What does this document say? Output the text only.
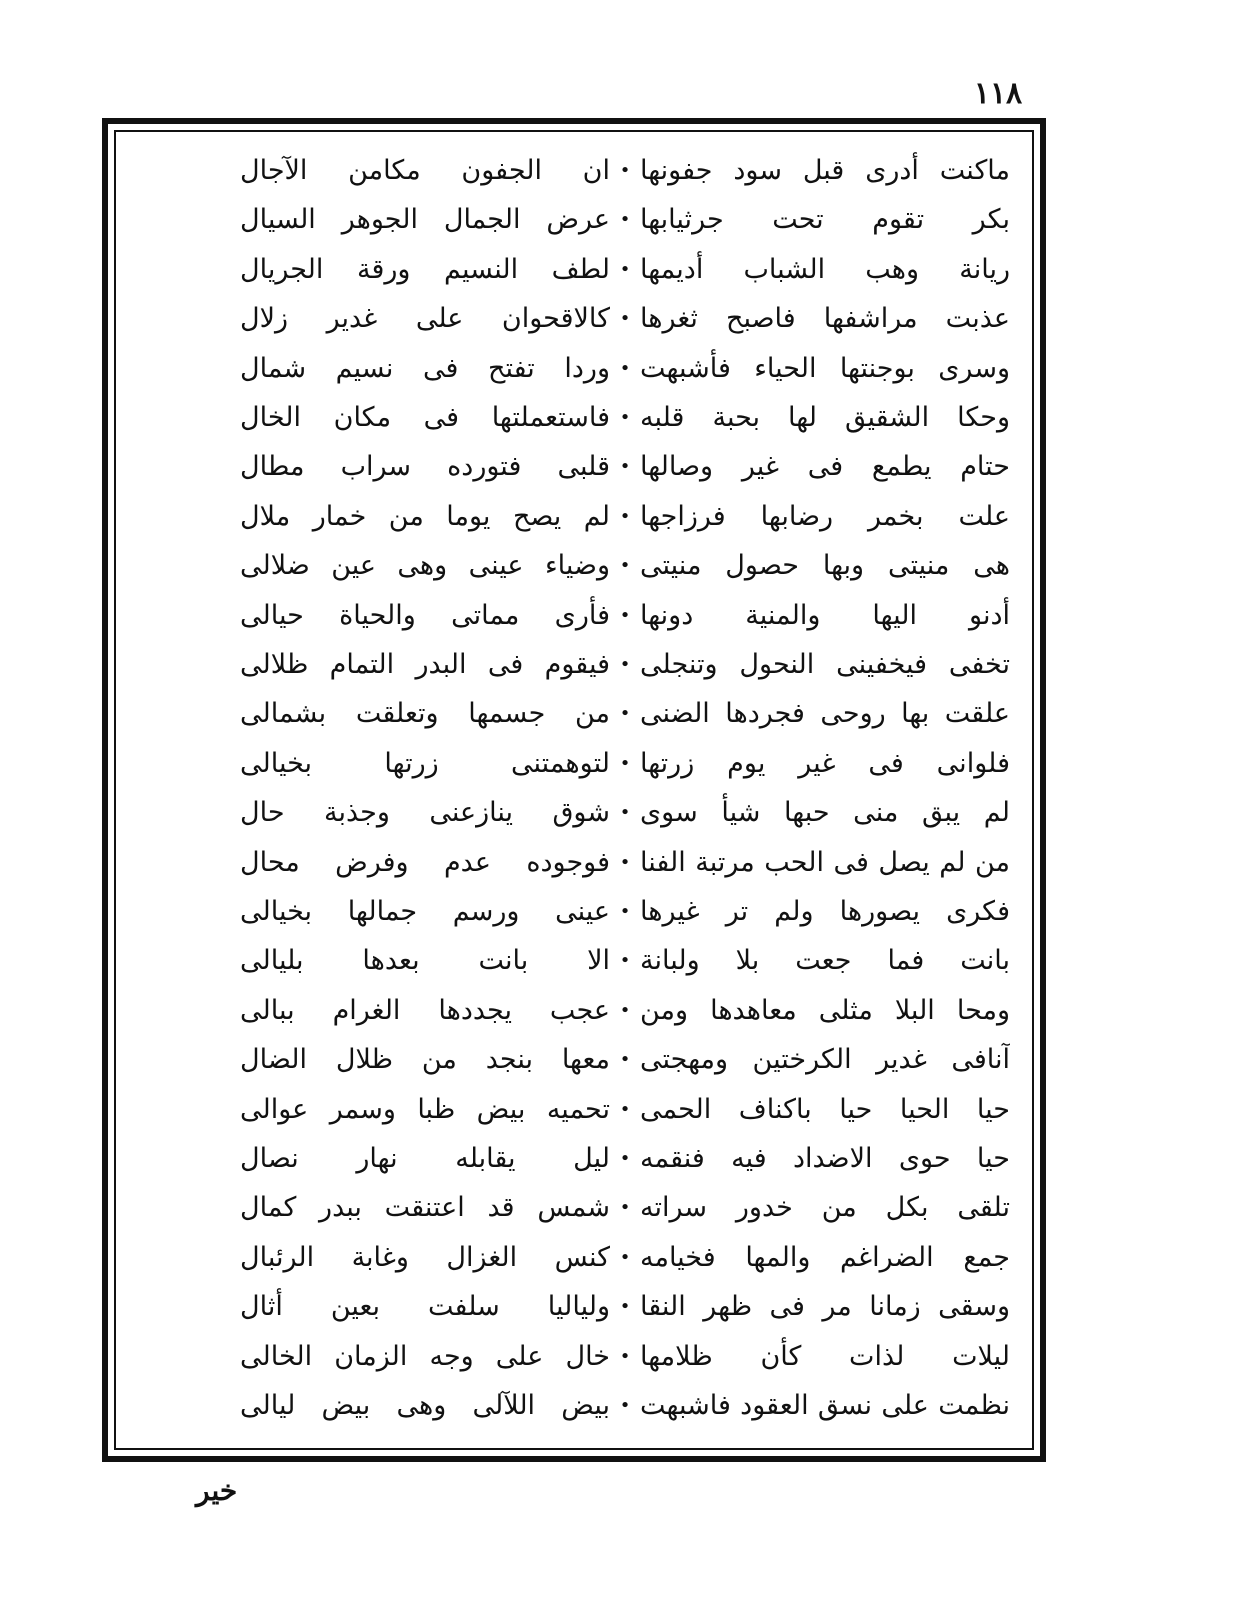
١١٨
ماكنت أدرى قبل سود جفونها
•
ان الجفون مكامن الآجال
بكر تقوم تحت جرثيابها
•
عرض الجمال الجوهر السيال
ريانة وهب الشباب أديمها
•
لطف النسيم ورقة الجريال
عذبت مراشفها فاصبح ثغرها
•
كالاقحوان على غدير زلال
وسرى بوجنتها الحياء فأشبهت
•
وردا تفتح فى نسيم شمال
وحكا الشقيق لها بحبة قلبه
•
فاستعملتها فى مكان الخال
حتام يطمع فى غير وصالها
•
قلبى فتورده سراب مطال
علت بخمر رضابها فرزاجها
•
لم يصح يوما من خمار ملال
هى منيتى وبها حصول منيتى
•
وضياء عينى وهى عين ضلالى
أدنو اليها والمنية دونها
•
فأرى مماتى والحياة حيالى
تخفى فيخفينى النحول وتنجلى
•
فيقوم فى البدر التمام ظلالى
علقت بها روحى فجردها الضنى
•
من جسمها وتعلقت بشمالى
فلوانى فى غير يوم زرتها
•
لتوهمتنى زرتها بخيالى
لم يبق منى حبها شيأ سوى
•
شوق ينازعنى وجذبة حال
من لم يصل فى الحب مرتبة الفنا
•
فوجوده عدم وفرض محال
فكرى يصورها ولم تر غيرها
•
عينى ورسم جمالها بخيالى
بانت فما جعت بلا ولبانة
•
الا بانت بعدها بليالى
ومحا البلا مثلى معاهدها ومن
•
عجب يجددها الغرام ببالى
آنافى غدير الكرختين ومهجتى
•
معها بنجد من ظلال الضال
حيا الحيا حيا باكناف الحمى
•
تحميه بيض ظبا وسمر عوالى
حيا حوى الاضداد فيه فنقمه
•
ليل يقابله نهار نصال
تلقى بكل من خدور سراته
•
شمس قد اعتنقت ببدر كمال
جمع الضراغم والمها فخيامه
•
كنس الغزال وغابة الرئبال
وسقى زمانا مر فى ظهر النقا
•
ولياليا سلفت بعين أثال
ليلات لذات كأن ظلامها
•
خال على وجه الزمان الخالى
نظمت على نسق العقود فاشبهت
•
بيض اللآلى وهى بيض ليالى
خير
